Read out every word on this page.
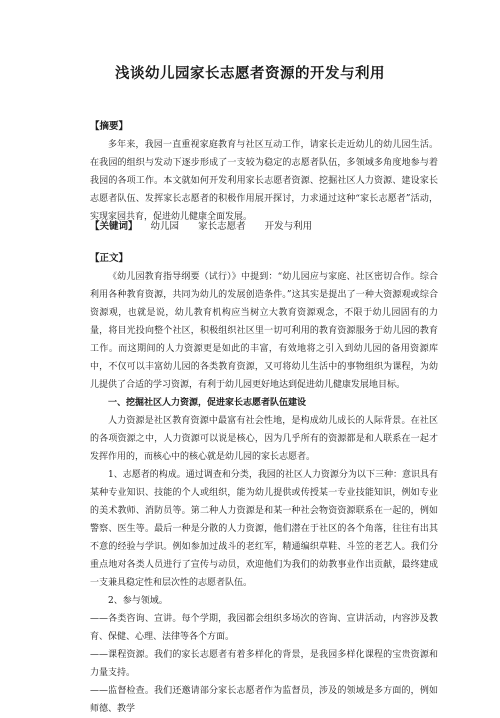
浅谈幼儿园家长志愿者资源的开发与利用
【摘要】

多年来，我园一直重视家庭教育与社区互动工作，请家长走近幼儿的幼儿园生活。在我园的组织与发动下逐步形成了一支较为稳定的志愿者队伍，多领域多角度地参与着我园的各项工作。本文就如何开发利用家长志愿者资源、挖掘社区人力资源、建设家长志愿者队伍、发挥家长志愿者的积极作用展开探讨，力求通过这种“家长志愿者”活动，实现家园共育，促进幼儿健康全面发展。

【关键词】 幼儿园 家长志愿者 开发与利用
【正文】

《幼儿园教育指导纲要（试行）》中提到：“幼儿园应与家庭、社区密切合作。综合利用各种教育资源，共同为幼儿的发展创造条件。”这其实是提出了一种大资源观或综合资源观，也就是说，幼儿教育机构应当树立大教育资源观念，不限于幼儿园固有的力量，将目光投向整个社区，积极组织社区里一切可利用的教育资源服务于幼儿园的教育工作。而这期间的人力资源更是如此的丰富，有效地将之引入到幼儿园的备用资源库中，不仅可以丰富幼儿园的各类教育资源，又可将幼儿生活中的事物组织为课程，为幼儿提供了合适的学习资源，有利于幼儿园更好地达到促进幼儿健康发展地目标。

一、挖掘社区人力资源，促进家长志愿者队伍建设

人力资源是社区教育资源中最富有社会性地，是构成幼儿成长的人际背景。在社区的各项资源之中，人力资源可以说是核心，因为几乎所有的资源都是和人联系在一起才发挥作用的，而核心中的核心就是幼儿园的家长志愿者。

1、志愿者的构成。通过调查和分类，我园的社区人力资源分为以下三种：意识具有某种专业知识、技能的个人或组织，能为幼儿提供或传授某一专业技能知识，例如专业的美术教师、消防员等。第二种人力资源是和某一种社会物资资源联系在一起的，例如警察、医生等。最后一种是分散的人力资源，他们潜在于社区的各个角落，往往有出其不意的经验与学识。例如参加过战斗的老红军，精通编织草鞋、斗笠的老艺人。我们分重点地对各类人员进行了宣传与动员，欢迎他们为我们的幼教事业作出贡献，最终建成一支兼具稳定性和层次性的志愿者队伍。

2、参与领域。

——各类咨询、宣讲。每个学期，我园都会组织多场次的咨询、宣讲活动，内容涉及教育、保健、心理、法律等各个方面。

——课程资源。我们的家长志愿者有着多样化的背景，是我园多样化课程的宝贵资源和力量支持。

——监督检查。我们还邀请部分家长志愿者作为监督员，涉及的领域是多方面的，例如师德、教学
